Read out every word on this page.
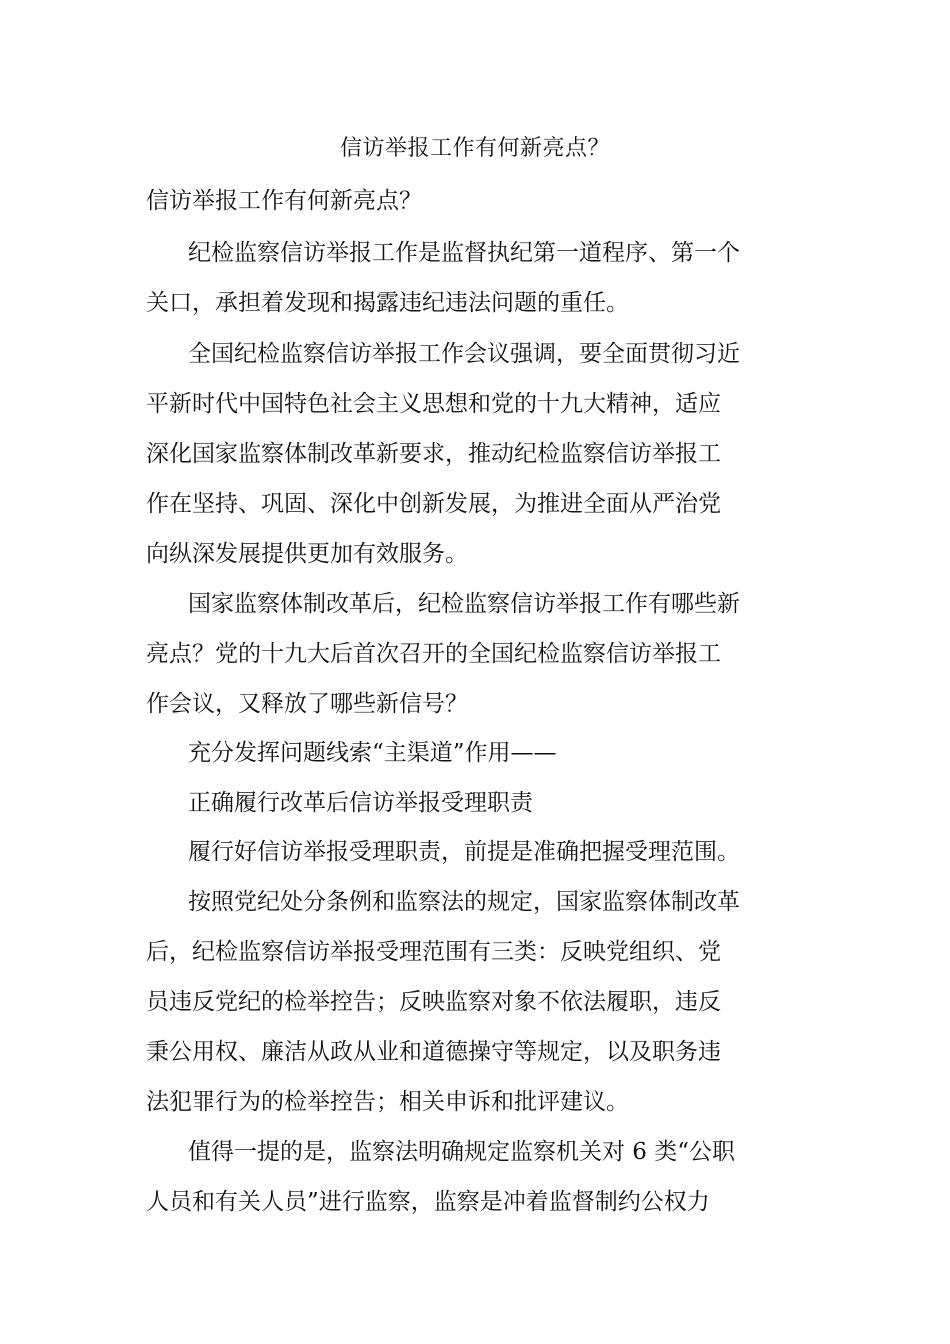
信访举报工作有何新亮点？
信访举报工作有何新亮点？
纪检监察信访举报工作是监督执纪第一道程序、第一个
关口，承担着发现和揭露违纪违法问题的重任。
全国纪检监察信访举报工作会议强调，要全面贯彻习近
平新时代中国特色社会主义思想和党的十九大精神，适应
深化国家监察体制改革新要求，推动纪检监察信访举报工
作在坚持、巩固、深化中创新发展，为推进全面从严治党
向纵深发展提供更加有效服务。
国家监察体制改革后，纪检监察信访举报工作有哪些新
亮点？党的十九大后首次召开的全国纪检监察信访举报工
作会议，又释放了哪些新信号？
充分发挥问题线索“主渠道”作用——
正确履行改革后信访举报受理职责
履行好信访举报受理职责，前提是准确把握受理范围。
按照党纪处分条例和监察法的规定，国家监察体制改革
后，纪检监察信访举报受理范围有三类：反映党组织、党
员违反党纪的检举控告；反映监察对象不依法履职，违反
秉公用权、廉洁从政从业和道德操守等规定，以及职务违
法犯罪行为的检举控告；相关申诉和批评建议。
值得一提的是，监察法明确规定监察机关对 6 类“公职
人员和有关人员”进行监察，监察是冲着监督制约公权力
